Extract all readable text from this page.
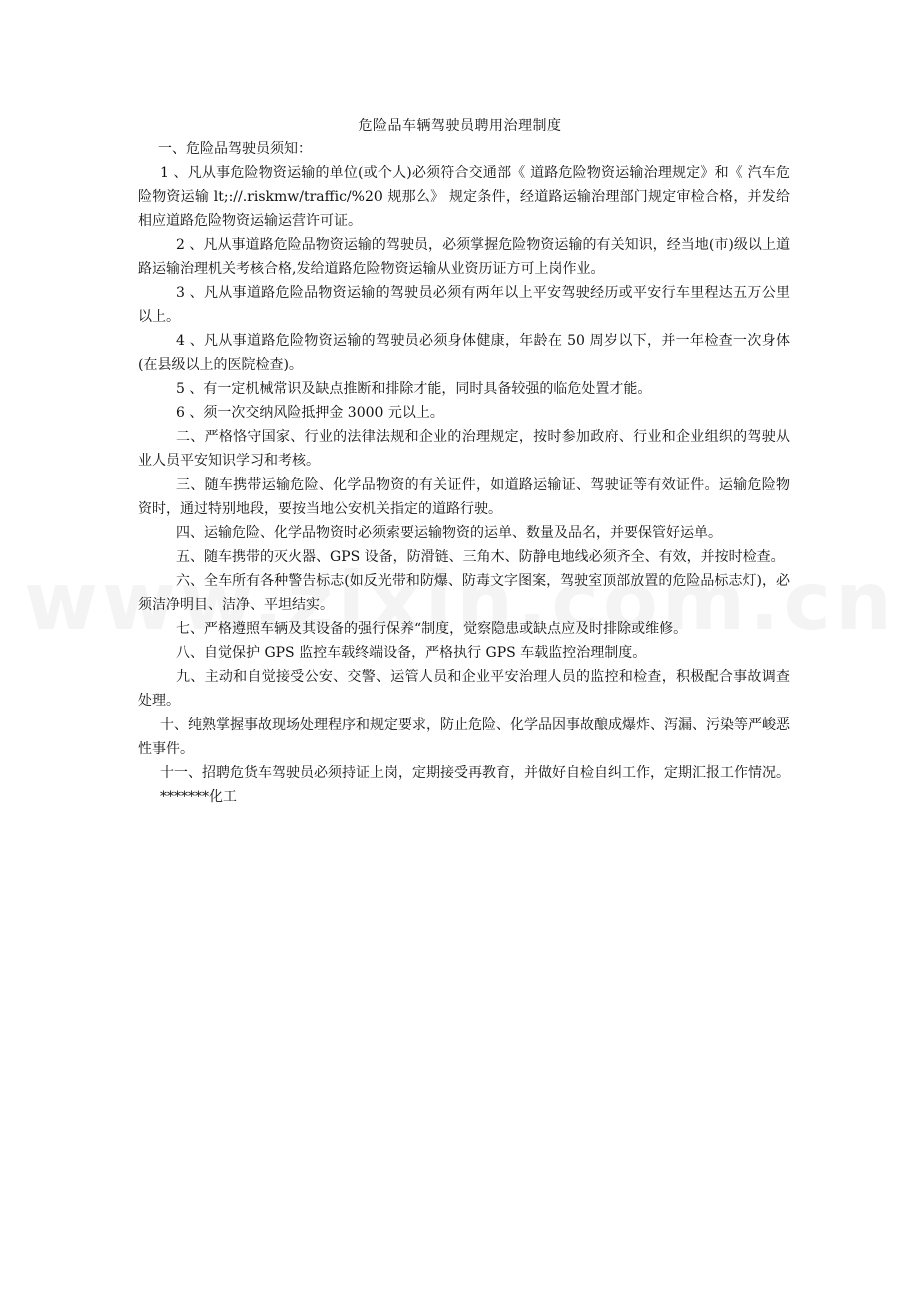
危险品车辆驾驶员聘用治理制度

一、危险品驾驶员须知：

1 、凡从事危险物资运输的单位(或个人)必须符合交通部《 道路危险物资运输治理规定》和《 汽车危险物资运输 lt;://.riskmw/traffic/%20 规那么》 规定条件，经道路运输治理部门规定审检合格，并发给相应道路危险物资运输运营许可证。

2 、凡从事道路危险品物资运输的驾驶员，必须掌握危险物资运输的有关知识，经当地(市)级以上道路运输治理机关考核合格,发给道路危险物资运输从业资历证方可上岗作业。

3 、凡从事道路危险品物资运输的驾驶员必须有两年以上平安驾驶经历或平安行车里程达五万公里以上。

4 、凡从事道路危险物资运输的驾驶员必须身体健康，年龄在 50 周岁以下，并一年检查一次身体(在县级以上的医院检查)。

5 、有一定机械常识及缺点推断和排除才能，同时具备较强的临危处置才能。

6 、须一次交纳风险抵押金 3000 元以上。

二、严格恪守国家、行业的法律法规和企业的治理规定，按时参加政府、行业和企业组织的驾驶从业人员平安知识学习和考核。

三、随车携带运输危险、化学品物资的有关证件，如道路运输证、驾驶证等有效证件。运输危险物资时，通过特别地段，要按当地公安机关指定的道路行驶。

四、运输危险、化学品物资时必须索要运输物资的运单、数量及品名，并要保管好运单。

五、随车携带的灭火器、GPS 设备，防滑链、三角木、防静电地线必须齐全、有效，并按时检查。

六、全车所有各种警告标志(如反光带和防爆、防毒文字图案，驾驶室顶部放置的危险品标志灯)，必须洁净明目、洁净、平坦结实。

七、严格遵照车辆及其设备的强行保养“制度，觉察隐患或缺点应及时排除或维修。

八、自觉保护 GPS 监控车载终端设备，严格执行 GPS 车载监控治理制度。

九、主动和自觉接受公安、交警、运管人员和企业平安治理人员的监控和检查，积极配合事故调查处理。

十、纯熟掌握事故现场处理程序和规定要求，防止危险、化学品因事故酿成爆炸、泻漏、污染等严峻恶性事件。

十一、招聘危货车驾驶员必须持证上岗，定期接受再教育，并做好自检自纠工作，定期汇报工作情况。

*******化工
